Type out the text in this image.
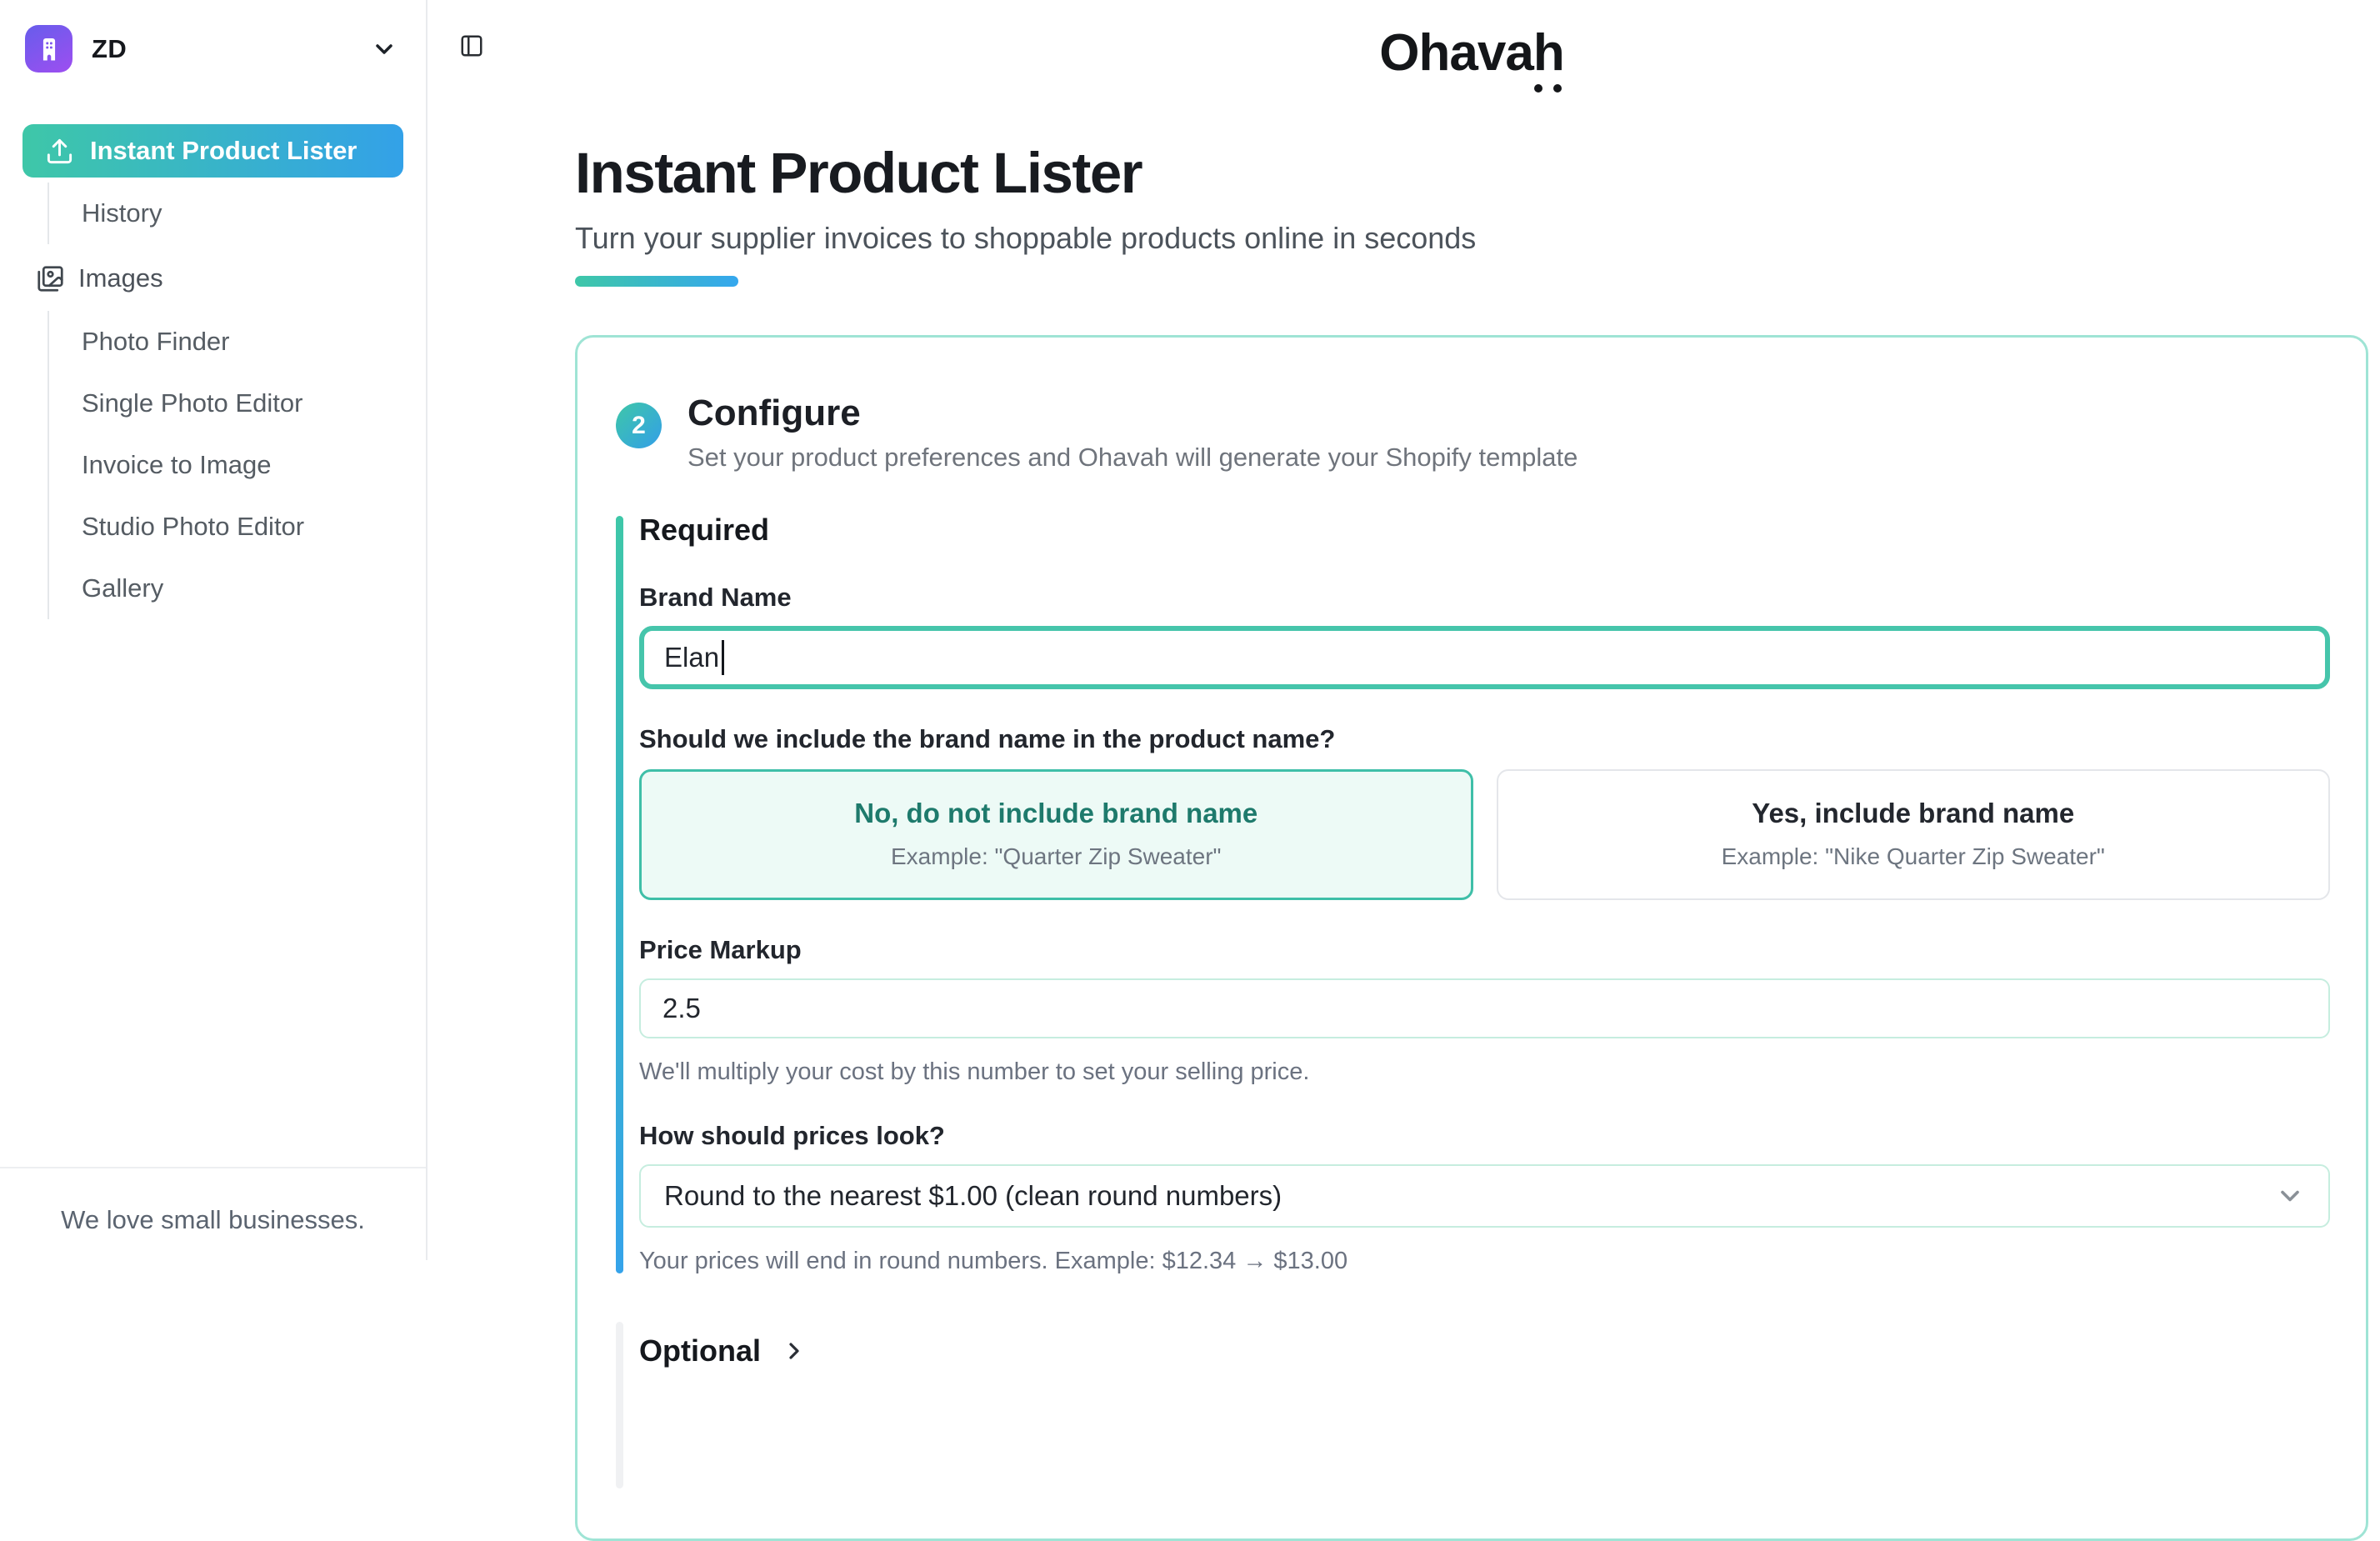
ZD
Instant Product Lister
History
Images
Photo Finder
Single Photo Editor
Invoice to Image
Studio Photo Editor
Gallery
We love small businesses.
Ohavah
Instant Product Lister
Turn your supplier invoices to shoppable products online in seconds
2	Configure
Set your product preferences and Ohavah will generate your Shopify template
Required
Brand Name
Elan
Should we include the brand name in the product name?
No, do not include brand name
Example: "Quarter Zip Sweater"
Yes, include brand name
Example: "Nike Quarter Zip Sweater"
Price Markup
2.5
We'll multiply your cost by this number to set your selling price.
How should prices look?
Round to the nearest $1.00 (clean round numbers)
Your prices will end in round numbers. Example: $12.34 → $13.00
Optional
